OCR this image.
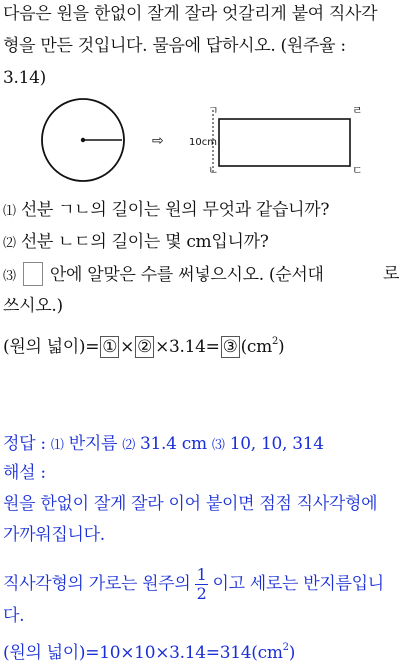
다음은 원을 한없이 잘게 잘라 엇갈리게 붙여 직사각
형을 만든 것입니다. 물음에 답하시오. (원주율 :
3.14)
⇨	10cm
ㄱ	ㄹ
ㄴ	ㄷ
⑴ 선분 ㄱㄴ의 길이는 원의 무엇과 같습니까?
⑵ 선분 ㄴㄷ의 길이는 몇 cm입니까?
⑶ 안에 알맞은 수를 써넣으시오. (순서대	로
쓰시오.)
(원의 넓이)= ① × ② ×3.14= ③ $(cm^2)$
정답 : ⑴ 반지름 ⑵ 31.4 cm ⑶ 10, 10, 314
해설 :
원을 한없이 잘게 잘라 이어 붙이면 점점 직사각형에
가까워집니다.
직사각형의 가로는 원주의 $\frac{1}{2}$ 이고 세로는 반지름입니
다.
(원의 넓이)$=10\times 10\times 3.14=314(cm^2)$
